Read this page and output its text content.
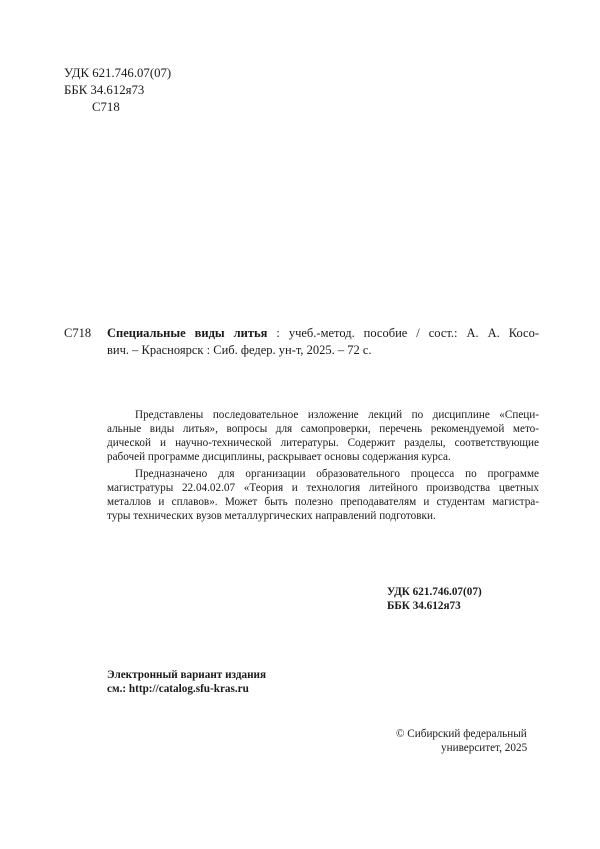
УДК 621.746.07(07)
ББК 34.612я73
С718
С718 Специальные виды литья : учеб.-метод. пособие / сост.: А. А. Косо-
вич. – Красноярск : Сиб. федер. ун-т, 2025. – 72 с.
Представлены последовательное изложение лекций по дисциплине «Специ-
альные виды литья», вопросы для самопроверки, перечень рекомендуемой мето-
дической и научно-технической литературы. Содержит разделы, соответствующие
рабочей программе дисциплины, раскрывает основы содержания курса.
Предназначено для организации образовательного процесса по программе
магистратуры 22.04.02.07 «Теория и технология литейного производства цветных
металлов и сплавов». Может быть полезно преподавателям и студентам магистра-
туры технических вузов металлургических направлений подготовки.
УДК 621.746.07(07)
ББК 34.612я73
Электронный вариант издания
см.: http://catalog.sfu-kras.ru
© Сибирский федеральный
университет, 2025
